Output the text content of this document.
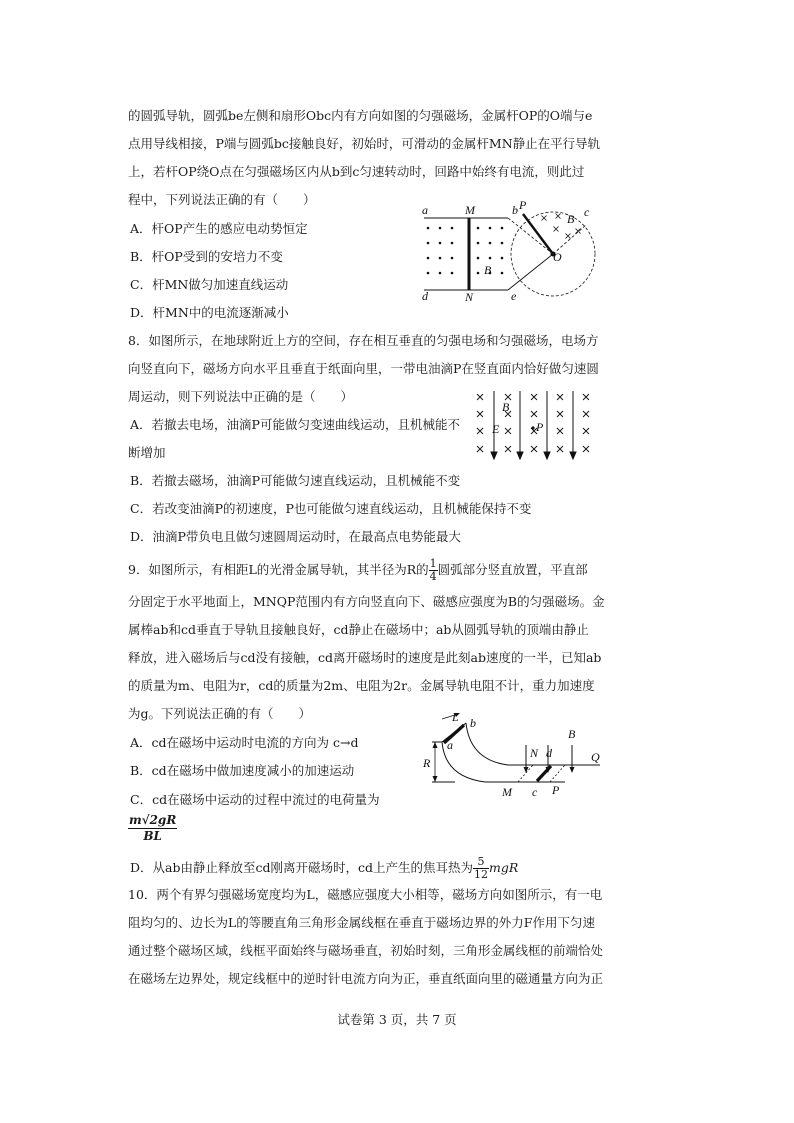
的圆弧导轨，圆弧be左侧和扇形Obc内有方向如图的匀强磁场，金属杆OP的O端与e
点用导线相接，P端与圆弧bc接触良好，初始时，可滑动的金属杆MN静止在平行导轨
上，若杆OP绕O点在匀强磁场区内从b到c匀速转动时，回路中始终有电流，则此过
程中，下列说法正确的有（　　）
A．杆OP产生的感应电动势恒定
B．杆OP受到的安培力不变
C．杆MN做匀加速直线运动
D．杆MN中的电流逐渐减小
a	M	b P	c
B
O
B
d	N	e
8．如图所示，在地球附近上方的空间，存在相互垂直的匀强电场和匀强磁场，电场方
向竖直向下，磁场方向水平且垂直于纸面向里，一带电油滴P在竖直面内恰好做匀速圆
周运动，则下列说法中正确的是（　　）
A．若撤去电场，油滴P可能做匀变速曲线运动，且机械能不
断增加
B．若撤去磁场，油滴P可能做匀速直线运动，且机械能不变
C．若改变油滴P的初速度，P也可能做匀速直线运动，且机械能保持不变
D．油滴P带负电且做匀速圆周运动时，在最高点电势能最大
B
E	P
9．如图所示，有相距L的光滑金属导轨，其半径为R的 $\frac{1}{4}$ 圆弧部分竖直放置，平直部
分固定于水平地面上，MNQP范围内有方向竖直向下、磁感应强度为B的匀强磁场。金
属棒ab和cd垂直于导轨且接触良好，cd静止在磁场中；ab从圆弧导轨的顶端由静止
释放，进入磁场后与cd没有接触，cd离开磁场时的速度是此刻ab速度的一半，已知ab
的质量为m、电阻为r，cd的质量为2m、电阻为2r。金属导轨电阻不计，重力加速度
为g。下列说法正确的有（　　）
A．cd在磁场中运动时电流的方向为 c→d
B．cd在磁场中做加速度减小的加速运动
C．cd在磁场中运动的过程中流过的电荷量为
$\frac{m√2gR}{BL}$
D．从ab由静止释放至cd刚离开磁场时，cd上产生的焦耳热为 $\frac{5}{12}$ mgR
L b
a
R
N d
B
Q
M c P
10．两个有界匀强磁场宽度均为L，磁感应强度大小相等，磁场方向如图所示，有一电
阻均匀的、边长为L的等腰直角三角形金属线框在垂直于磁场边界的外力F作用下匀速
通过整个磁场区域，线框平面始终与磁场垂直，初始时刻，三角形金属线框的前端恰处
在磁场左边界处，规定线框中的逆时针电流方向为正，垂直纸面向里的磁通量方向为正
试卷第 3 页，共 7 页
